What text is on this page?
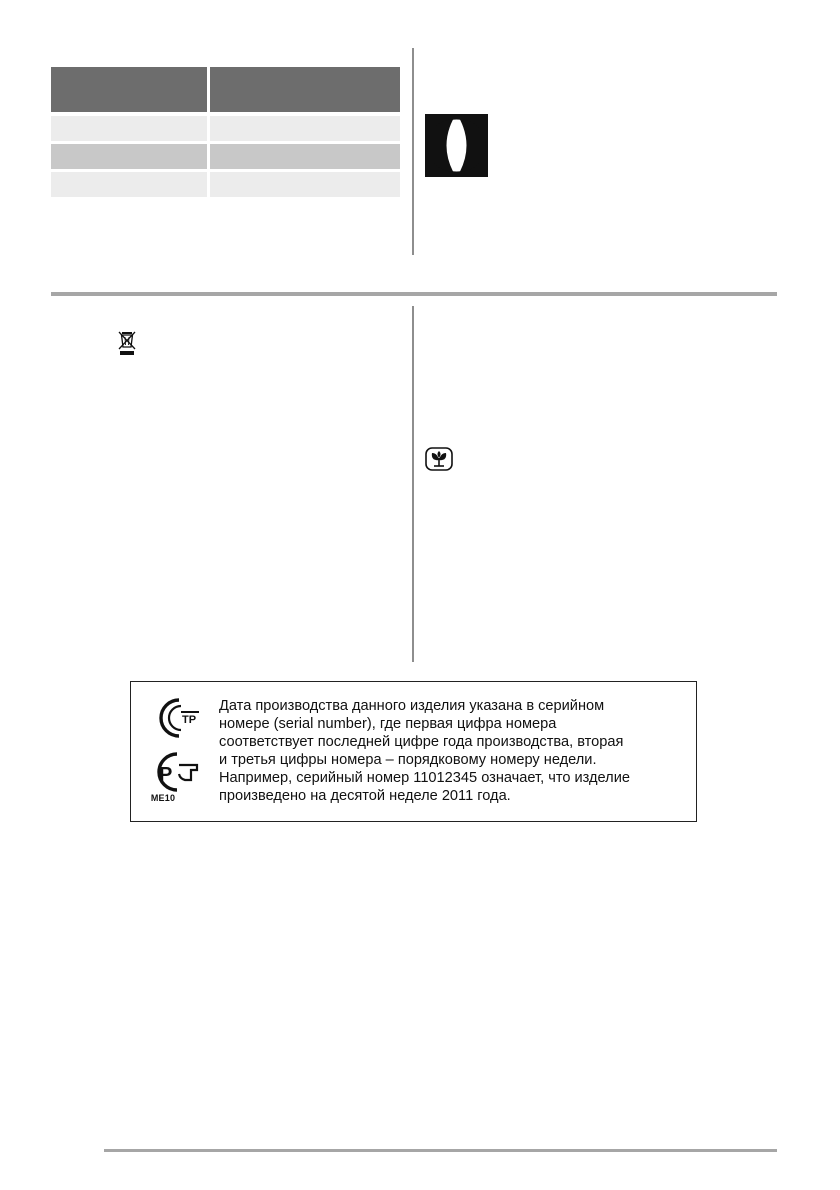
ТР
Р
ME10
Дата производства данного изделия указана в серийном
номере (serial number), где первая цифра номера
соответствует последней цифре года производства, вторая
и третья цифры номера – порядковому номеру недели.
Например, серийный номер 11012345 означает, что изделие
произведено на десятой неделе 2011 года.
